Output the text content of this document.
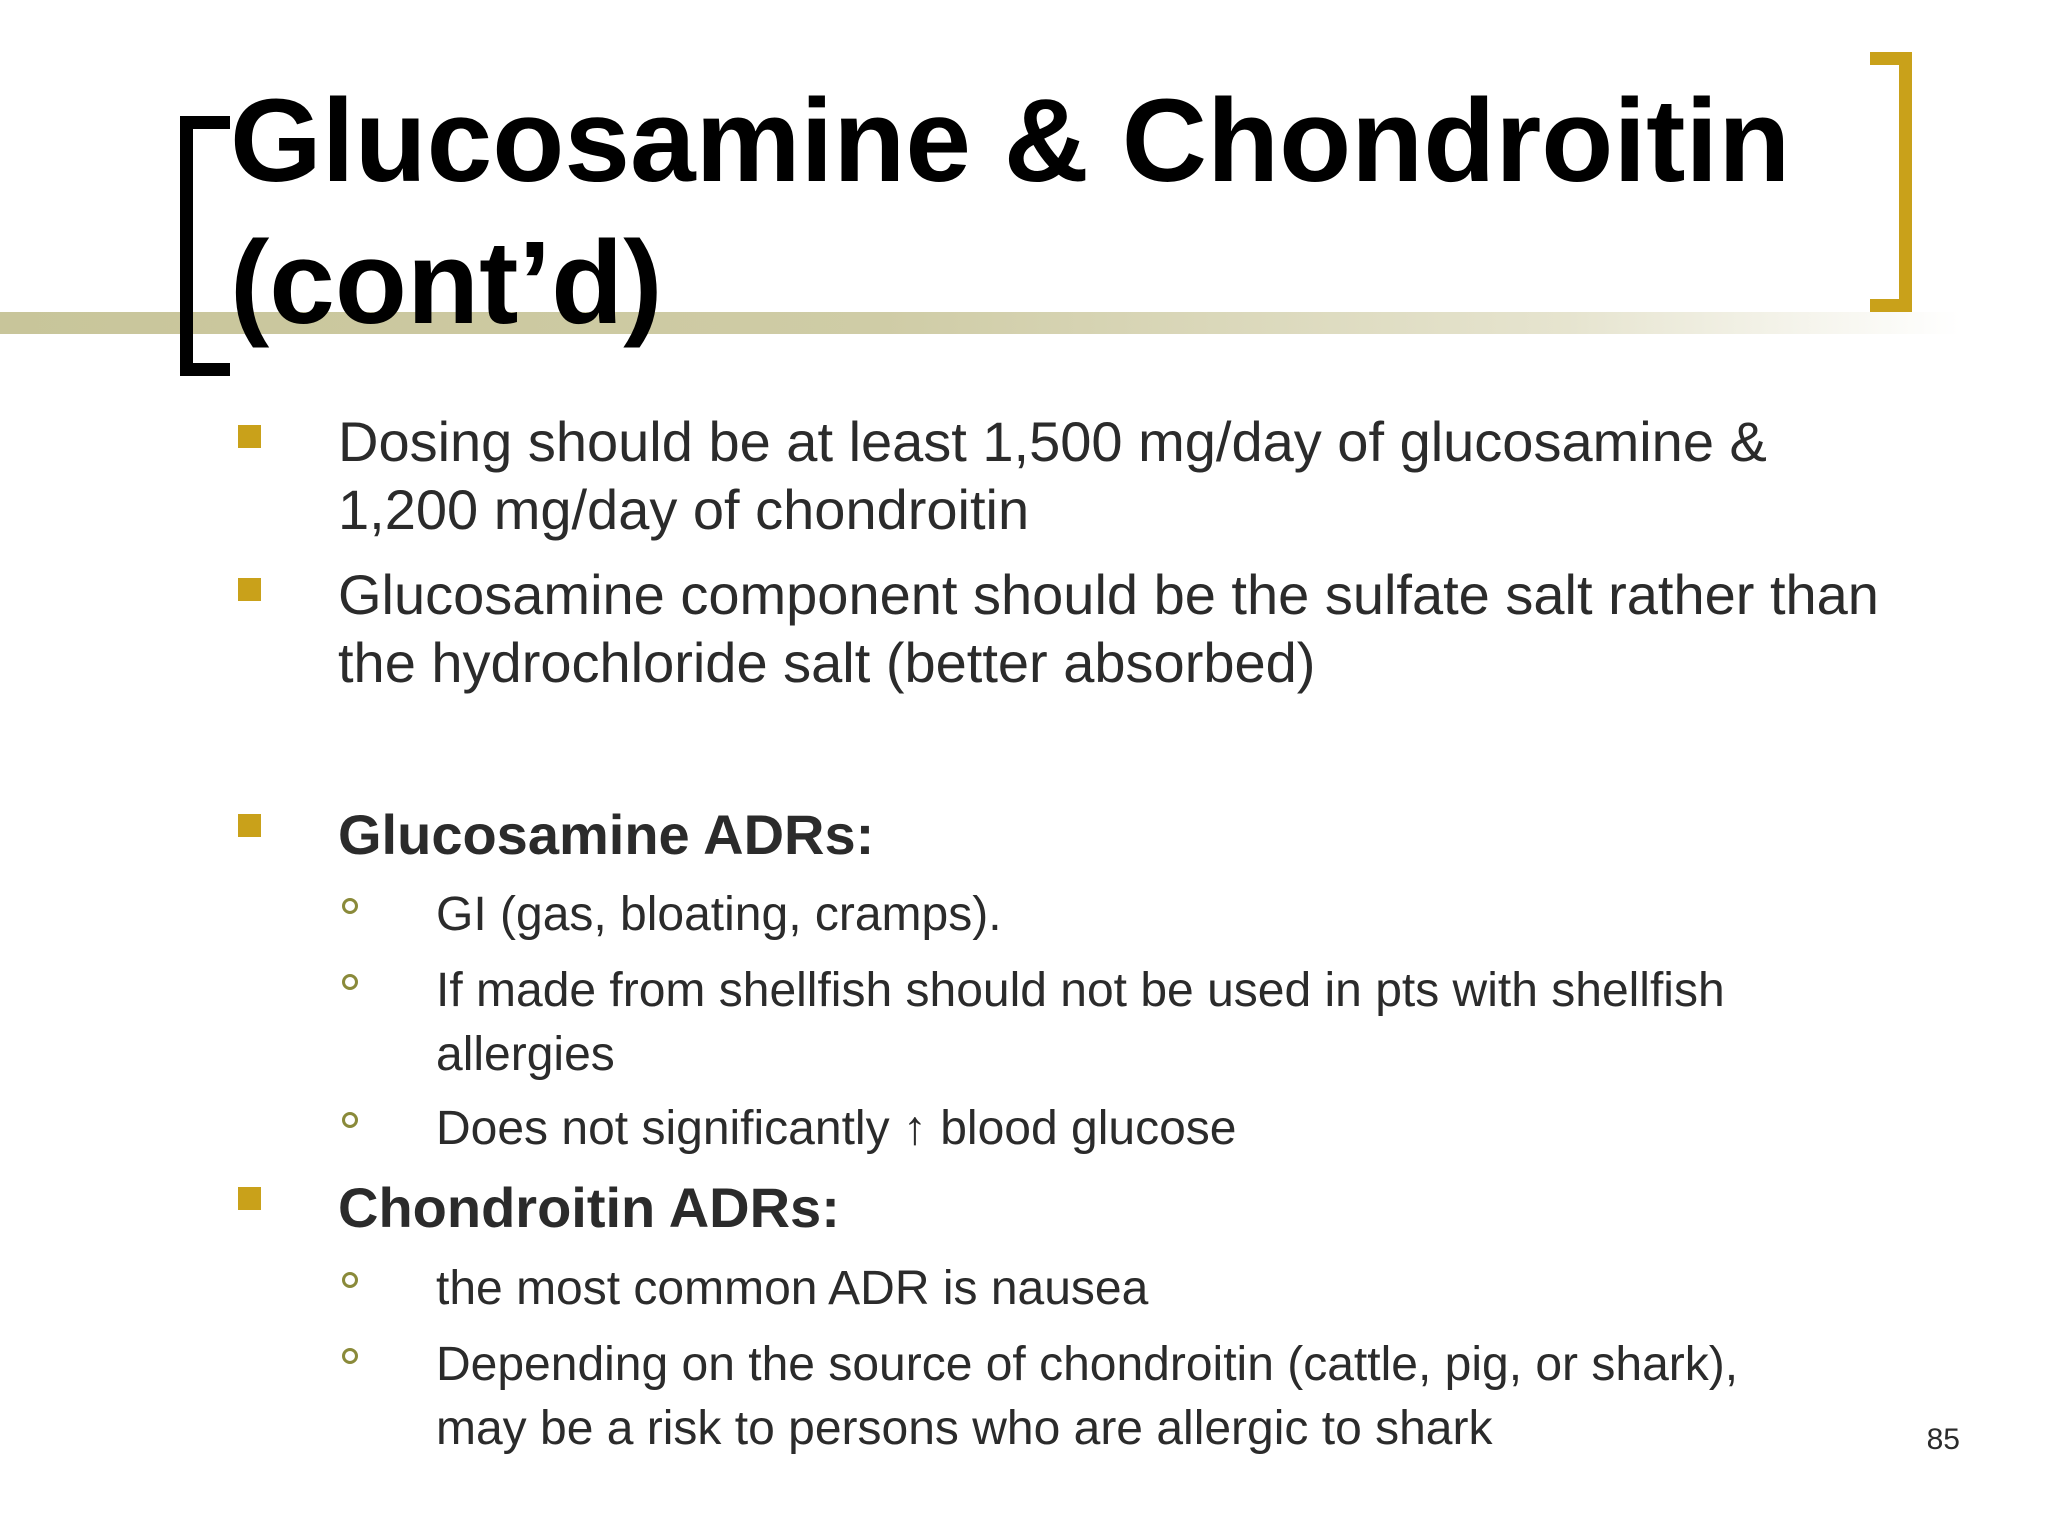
Glucosamine & Chondroitin
(cont’d)
Dosing should be at least 1,500 mg/day of glucosamine &
1,200 mg/day of chondroitin
Glucosamine component should be the sulfate salt rather than
the hydrochloride salt (better absorbed)
Glucosamine ADRs:
GI (gas, bloating, cramps).
If made from shellfish should not be used in pts with shellfish
allergies
Does not significantly ↑ blood glucose
Chondroitin ADRs:
the most common ADR is nausea
Depending on the source of chondroitin (cattle, pig, or shark),
may be a risk to persons who are allergic to shark	85
